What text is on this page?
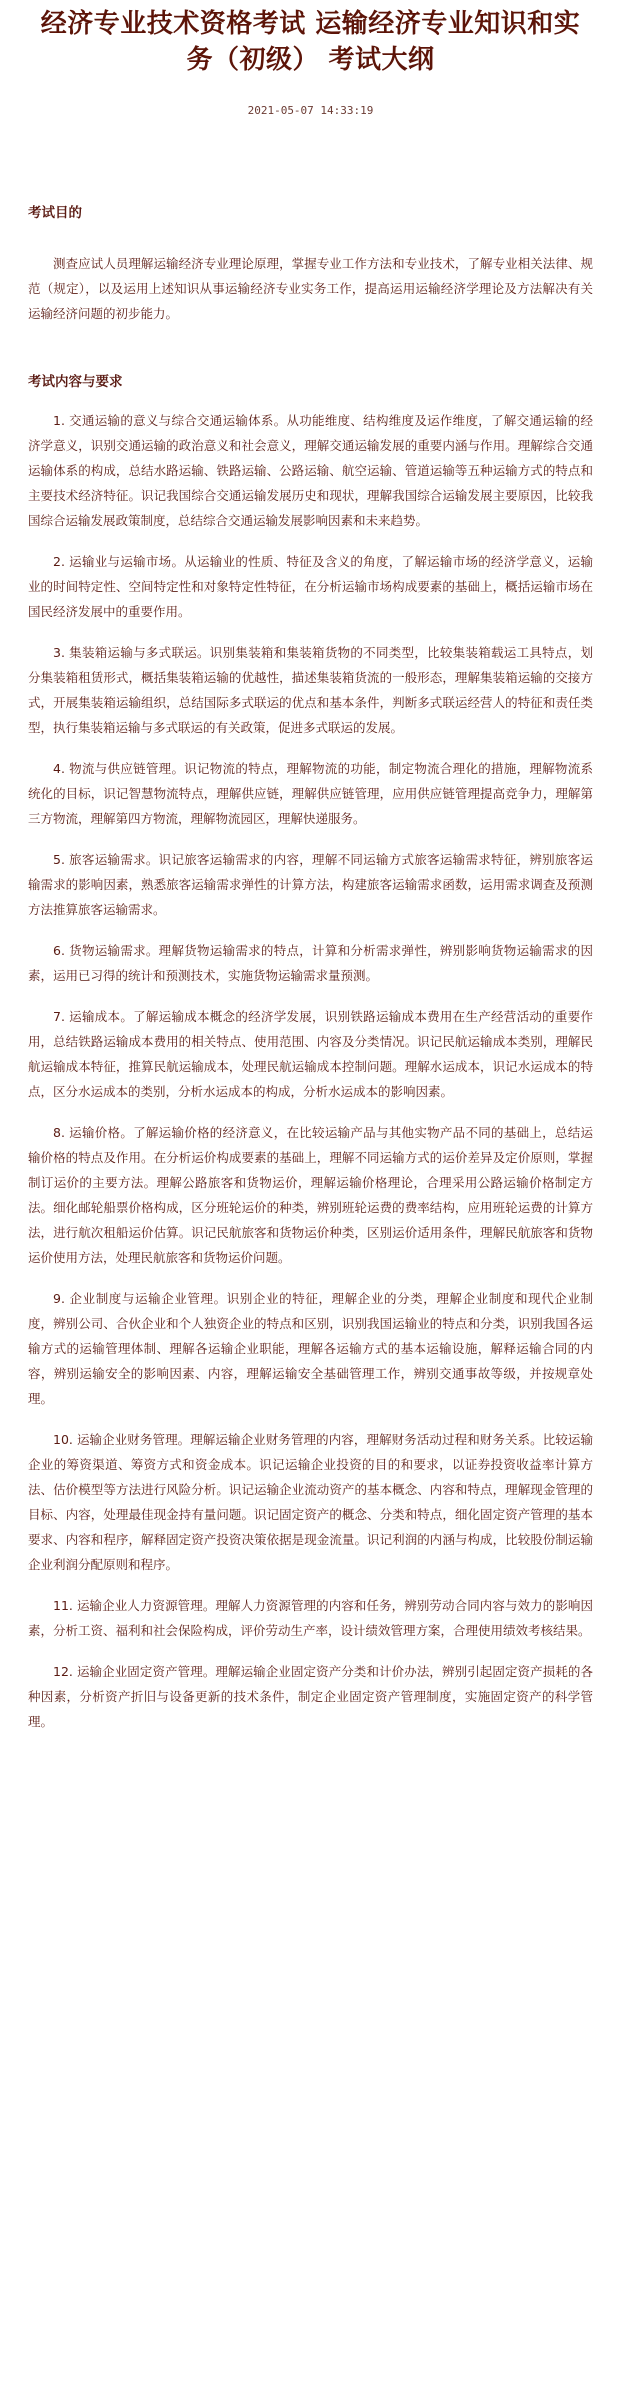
经济专业技术资格考试 运输经济专业知识和实务（初级） 考试大纲
2021-05-07 14:33:19
考试目的

测查应试人员理解运输经济专业理论原理，掌握专业工作方法和专业技术，了解专业相关法律、规范（规定），以及运用上述知识从事运输经济专业实务工作，提高运用运输经济学理论及方法解决有关运输经济问题的初步能力。

考试内容与要求

1. 交通运输的意义与综合交通运输体系。从功能维度、结构维度及运作维度，了解交通运输的经济学意义，识别交通运输的政治意义和社会意义，理解交通运输发展的重要内涵与作用。理解综合交通运输体系的构成，总结水路运输、铁路运输、公路运输、航空运输、管道运输等五种运输方式的特点和主要技术经济特征。识记我国综合交通运输发展历史和现状，理解我国综合运输发展主要原因，比较我国综合运输发展政策制度，总结综合交通运输发展影响因素和未来趋势。

2. 运输业与运输市场。从运输业的性质、特征及含义的角度，了解运输市场的经济学意义，运输业的时间特定性、空间特定性和对象特定性特征，在分析运输市场构成要素的基础上，概括运输市场在国民经济发展中的重要作用。

3. 集装箱运输与多式联运。识别集装箱和集装箱货物的不同类型，比较集装箱载运工具特点，划分集装箱租赁形式，概括集装箱运输的优越性，描述集装箱货流的一般形态，理解集装箱运输的交接方式，开展集装箱运输组织，总结国际多式联运的优点和基本条件，判断多式联运经营人的特征和责任类型，执行集装箱运输与多式联运的有关政策，促进多式联运的发展。

4. 物流与供应链管理。识记物流的特点，理解物流的功能，制定物流合理化的措施，理解物流系统化的目标，识记智慧物流特点，理解供应链，理解供应链管理，应用供应链管理提高竞争力，理解第三方物流，理解第四方物流，理解物流园区，理解快递服务。

5. 旅客运输需求。识记旅客运输需求的内容，理解不同运输方式旅客运输需求特征，辨别旅客运输需求的影响因素，熟悉旅客运输需求弹性的计算方法，构建旅客运输需求函数，运用需求调查及预测方法推算旅客运输需求。

6. 货物运输需求。理解货物运输需求的特点，计算和分析需求弹性，辨别影响货物运输需求的因素，运用已习得的统计和预测技术，实施货物运输需求量预测。

7. 运输成本。了解运输成本概念的经济学发展，识别铁路运输成本费用在生产经营活动的重要作用，总结铁路运输成本费用的相关特点、使用范围、内容及分类情况。识记民航运输成本类别，理解民航运输成本特征，推算民航运输成本，处理民航运输成本控制问题。理解水运成本，识记水运成本的特点，区分水运成本的类别，分析水运成本的构成，分析水运成本的影响因素。

8. 运输价格。了解运输价格的经济意义，在比较运输产品与其他实物产品不同的基础上，总结运输价格的特点及作用。在分析运价构成要素的基础上，理解不同运输方式的运价差异及定价原则，掌握制订运价的主要方法。理解公路旅客和货物运价，理解运输价格理论，合理采用公路运输价格制定方法。细化邮轮船票价格构成，区分班轮运价的种类，辨别班轮运费的费率结构，应用班轮运费的计算方法，进行航次租船运价估算。识记民航旅客和货物运价种类，区别运价适用条件，理解民航旅客和货物运价使用方法，处理民航旅客和货物运价问题。

9. 企业制度与运输企业管理。识别企业的特征，理解企业的分类，理解企业制度和现代企业制度，辨别公司、合伙企业和个人独资企业的特点和区别，识别我国运输业的特点和分类，识别我国各运输方式的运输管理体制、理解各运输企业职能，理解各运输方式的基本运输设施，解释运输合同的内容，辨别运输安全的影响因素、内容，理解运输安全基础管理工作，辨别交通事故等级，并按规章处理。

10. 运输企业财务管理。理解运输企业财务管理的内容，理解财务活动过程和财务关系。比较运输企业的筹资渠道、筹资方式和资金成本。识记运输企业投资的目的和要求，以证券投资收益率计算方法、估价模型等方法进行风险分析。识记运输企业流动资产的基本概念、内容和特点，理解现金管理的目标、内容，处理最佳现金持有量问题。识记固定资产的概念、分类和特点，细化固定资产管理的基本要求、内容和程序，解释固定资产投资决策依据是现金流量。识记利润的内涵与构成，比较股份制运输企业利润分配原则和程序。

11. 运输企业人力资源管理。理解人力资源管理的内容和任务，辨别劳动合同内容与效力的影响因素，分析工资、福利和社会保险构成，评价劳动生产率，设计绩效管理方案，合理使用绩效考核结果。

12. 运输企业固定资产管理。理解运输企业固定资产分类和计价办法，辨别引起固定资产损耗的各种因素，分析资产折旧与设备更新的技术条件，制定企业固定资产管理制度，实施固定资产的科学管理。
